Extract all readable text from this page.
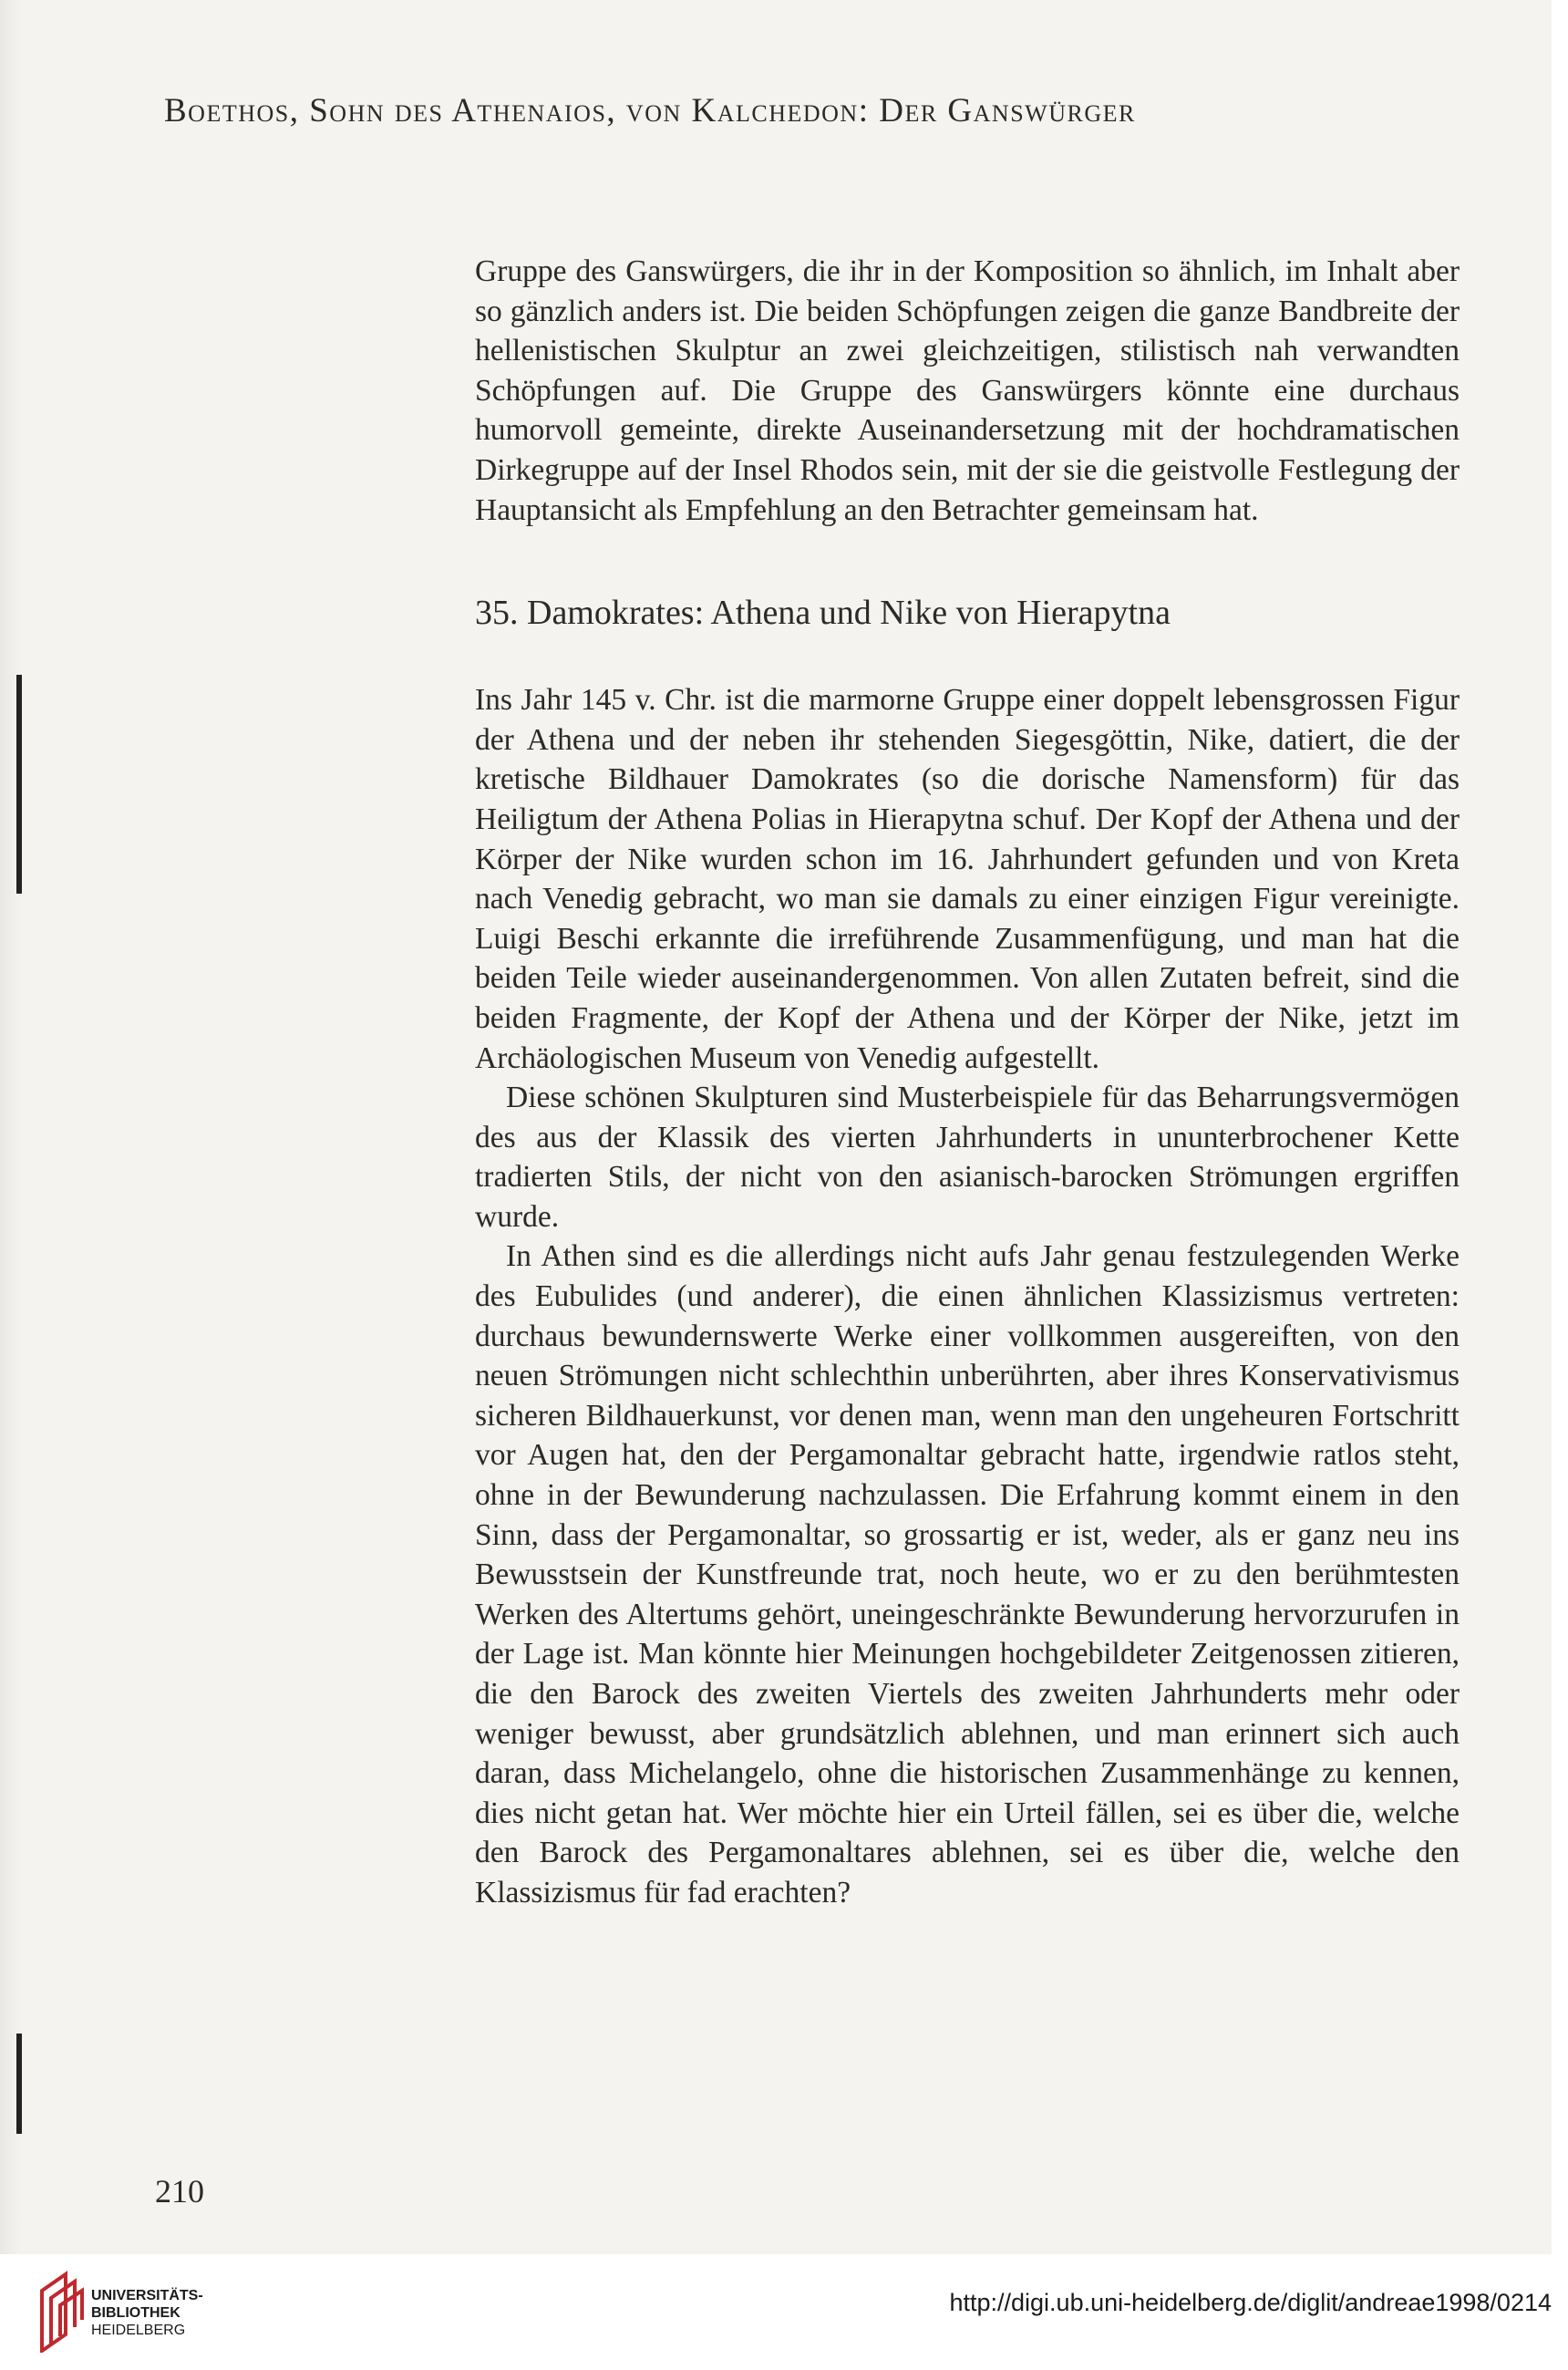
Boethos, Sohn des Athenaios, von Kalchedon: Der Ganswürger

Gruppe des Ganswürgers, die ihr in der Komposition so ähnlich, im Inhalt aber so gänzlich anders ist. Die beiden Schöpfungen zeigen die ganze Bandbreite der hellenistischen Skulptur an zwei gleichzeitigen, stilistisch nah verwandten Schöpfungen auf. Die Gruppe des Ganswürgers könnte eine durchaus humorvoll gemeinte, direkte Auseinandersetzung mit der hochdramatischen Dirkegruppe auf der Insel Rhodos sein, mit der sie die geistvolle Festlegung der Hauptansicht als Empfehlung an den Betrachter gemeinsam hat.

35. Damokrates: Athena und Nike von Hierapytna

Ins Jahr 145 v. Chr. ist die marmorne Gruppe einer doppelt lebensgrossen Figur der Athena und der neben ihr stehenden Siegesgöttin, Nike, datiert, die der kretische Bildhauer Damokrates (so die dorische Namensform) für das Heiligtum der Athena Polias in Hierapytna schuf. Der Kopf der Athena und der Körper der Nike wurden schon im 16. Jahrhundert gefunden und von Kreta nach Venedig gebracht, wo man sie damals zu einer einzigen Figur vereinigte. Luigi Beschi erkannte die irreführende Zusammenfügung, und man hat die beiden Teile wieder auseinandergenommen. Von allen Zutaten befreit, sind die beiden Fragmente, der Kopf der Athena und der Körper der Nike, jetzt im Archäologischen Museum von Venedig aufgestellt.

Diese schönen Skulpturen sind Musterbeispiele für das Beharrungsvermögen des aus der Klassik des vierten Jahrhunderts in ununterbrochener Kette tradierten Stils, der nicht von den asianisch-barocken Strömungen ergriffen wurde.

In Athen sind es die allerdings nicht aufs Jahr genau festzulegenden Werke des Eubulides (und anderer), die einen ähnlichen Klassizismus vertreten: durchaus bewundernswerte Werke einer vollkommen ausgereiften, von den neuen Strömungen nicht schlechthin unberührten, aber ihres Konservativismus sicheren Bildhauerkunst, vor denen man, wenn man den ungeheuren Fortschritt vor Augen hat, den der Pergamonaltar gebracht hatte, irgendwie ratlos steht, ohne in der Bewunderung nachzulassen. Die Erfahrung kommt einem in den Sinn, dass der Pergamonaltar, so grossartig er ist, weder, als er ganz neu ins Bewusstsein der Kunstfreunde trat, noch heute, wo er zu den berühmtesten Werken des Altertums gehört, uneingeschränkte Bewunderung hervorzurufen in der Lage ist. Man könnte hier Meinungen hochgebildeter Zeitgenossen zitieren, die den Barock des zweiten Viertels des zweiten Jahrhunderts mehr oder weniger bewusst, aber grundsätzlich ablehnen, und man erinnert sich auch daran, dass Michelangelo, ohne die historischen Zusammenhänge zu kennen, dies nicht getan hat. Wer möchte hier ein Urteil fällen, sei es über die, welche den Barock des Pergamonaltares ablehnen, sei es über die, welche den Klassizismus für fad erachten?

210
UNIVERSITÄTS-
BIBLIOTHEK
HEIDELBERG
http://digi.ub.uni-heidelberg.de/diglit/andreae1998/0214
